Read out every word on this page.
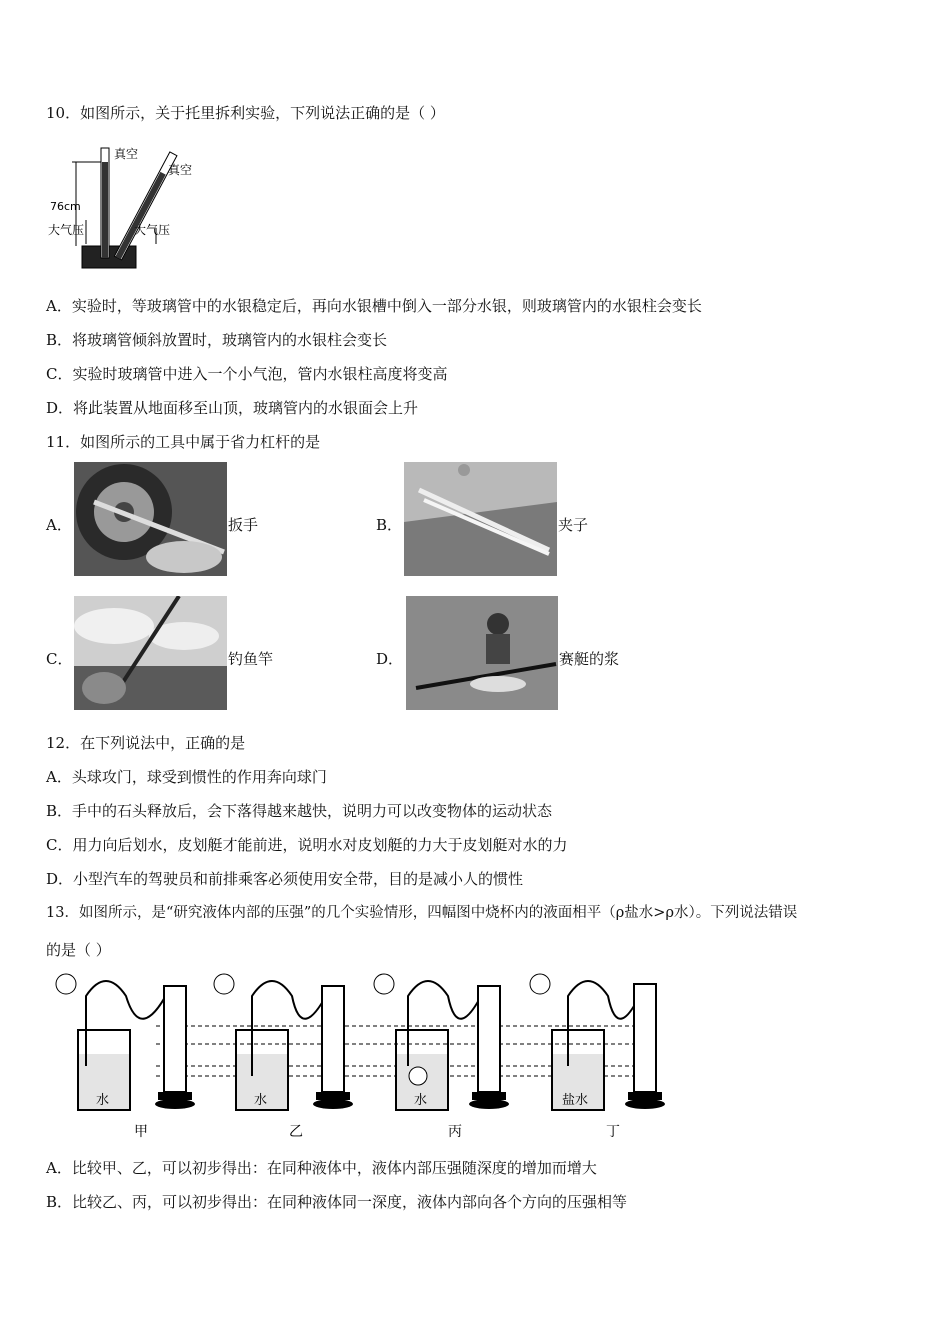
10．如图所示，关于托里拆利实验，下列说法正确的是（ ）
真空
真空
76cm
大气压	大气压
A．实验时，等玻璃管中的水银稳定后，再向水银槽中倒入一部分水银，则玻璃管内的水银柱会变长
B．将玻璃管倾斜放置时，玻璃管内的水银柱会变长
C．实验时玻璃管中进入一个小气泡，管内水银柱高度将变高
D．将此装置从地面移至山顶，玻璃管内的水银面会上升
11．如图所示的工具中属于省力杠杆的是
A．	扳手	B．	夹子
C．	钓鱼竿	D．	赛艇的浆
12．在下列说法中，正确的是
A．头球攻门，球受到惯性的作用奔向球门
B．手中的石头释放后，会下落得越来越快，说明力可以改变物体的运动状态
C．用力向后划水，皮划艇才能前进，说明水对皮划艇的力大于皮划艇对水的力
D．小型汽车的驾驶员和前排乘客必须使用安全带，目的是减小人的惯性
13．如图所示，是“研究液体内部的压强”的几个实验情形，四幅图中烧杯内的液面相平（ρ盐水>ρ水）。下列说法错误
的是（ ）
水	水	水	盐水
甲	乙	丙	丁
A．比较甲、乙，可以初步得出：在同种液体中，液体内部压强随深度的增加而增大
B．比较乙、丙，可以初步得出：在同种液体同一深度，液体内部向各个方向的压强相等
